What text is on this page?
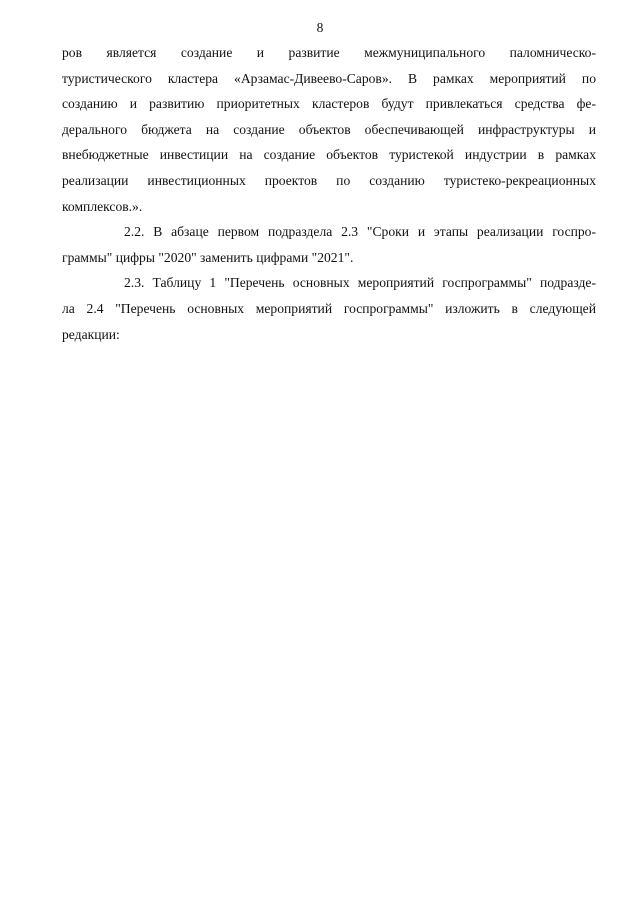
8
ров является создание и развитие межмуниципального паломническо-
туристического кластера «Арзамас-Дивеево-Саров». В рамках мероприятий по
созданию и развитию приоритетных кластеров будут привлекаться средства фе-
дерального бюджета на создание объектов обеспечивающей инфраструктуры и
внебюджетные инвестиции на создание объектов туристекой индустрии в рамках
реализации инвестиционных проектов по созданию туристеко-рекреационных
комплексов.».
2.2. В абзаце первом подраздела 2.3 "Сроки и этапы реализации госпро-
граммы" цифры "2020" заменить цифрами "2021".
2.3. Таблицу 1 "Перечень основных мероприятий госпрограммы" подразде-
ла 2.4 "Перечень основных мероприятий госпрограммы" изложить в следующей
редакции:
